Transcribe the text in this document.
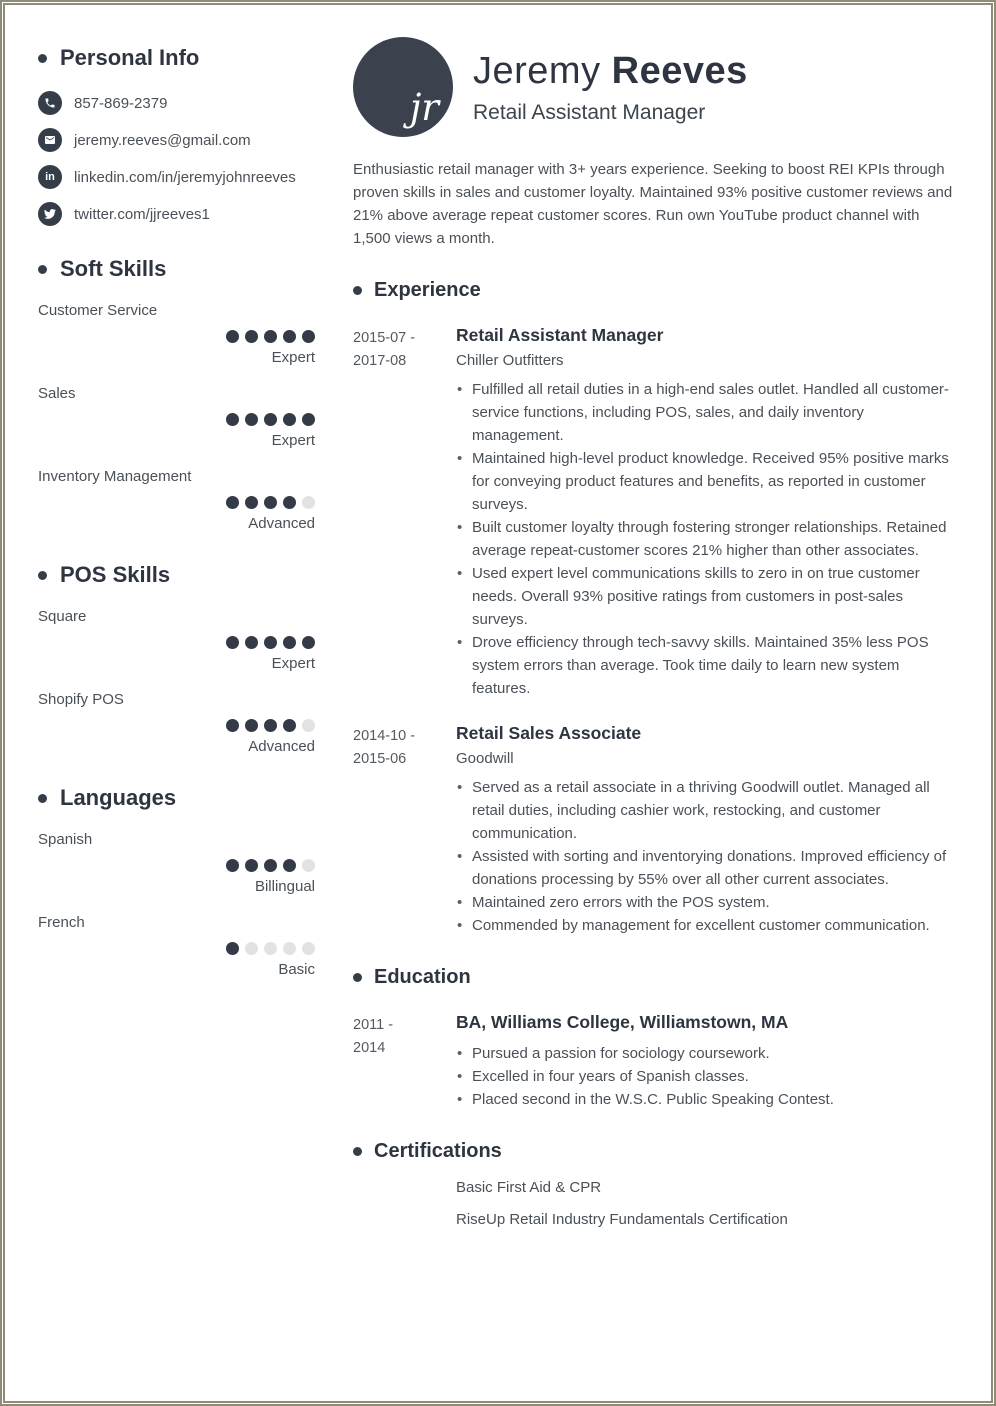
Personal Info
857-869-2379
jeremy.reeves@gmail.com
in linkedin.com/in/jeremyjohnreeves
twitter.com/jjreeves1
Soft Skills
Customer Service
Expert
Sales
Expert
Inventory Management
Advanced
POS Skills
Square
Expert
Shopify POS
Advanced
Languages
Spanish
Billingual
French
Basic
jr
Jeremy Reeves
Retail Assistant Manager

Enthusiastic retail manager with 3+ years experience. Seeking to boost REI KPIs through proven skills in sales and customer loyalty. Maintained 93% positive customer reviews and 21% above average repeat customer scores. Run own YouTube product channel with 1,500 views a month.

Experience
2015-07 -
2017-08
Retail Assistant Manager
Chiller Outfitters
• Fulfilled all retail duties in a high-end sales outlet. Handled all customer-service functions, including POS, sales, and daily inventory management.
• Maintained high-level product knowledge. Received 95% positive marks for conveying product features and benefits, as reported in customer surveys.
• Built customer loyalty through fostering stronger relationships. Retained average repeat-customer scores 21% higher than other associates.
• Used expert level communications skills to zero in on true customer needs. Overall 93% positive ratings from customers in post-sales surveys.
• Drove efficiency through tech-savvy skills. Maintained 35% less POS system errors than average. Took time daily to learn new system features.
2014-10 -
2015-06
Retail Sales Associate
Goodwill
• Served as a retail associate in a thriving Goodwill outlet. Managed all retail duties, including cashier work, restocking, and customer communication.
• Assisted with sorting and inventorying donations. Improved efficiency of donations processing by 55% over all other current associates.
• Maintained zero errors with the POS system.
• Commended by management for excellent customer communication.
Education
2011 -
2014
BA, Williams College, Williamstown, MA
• Pursued a passion for sociology coursework.
• Excelled in four years of Spanish classes.
• Placed second in the W.S.C. Public Speaking Contest.
Certifications
Basic First Aid & CPR
RiseUp Retail Industry Fundamentals Certification
